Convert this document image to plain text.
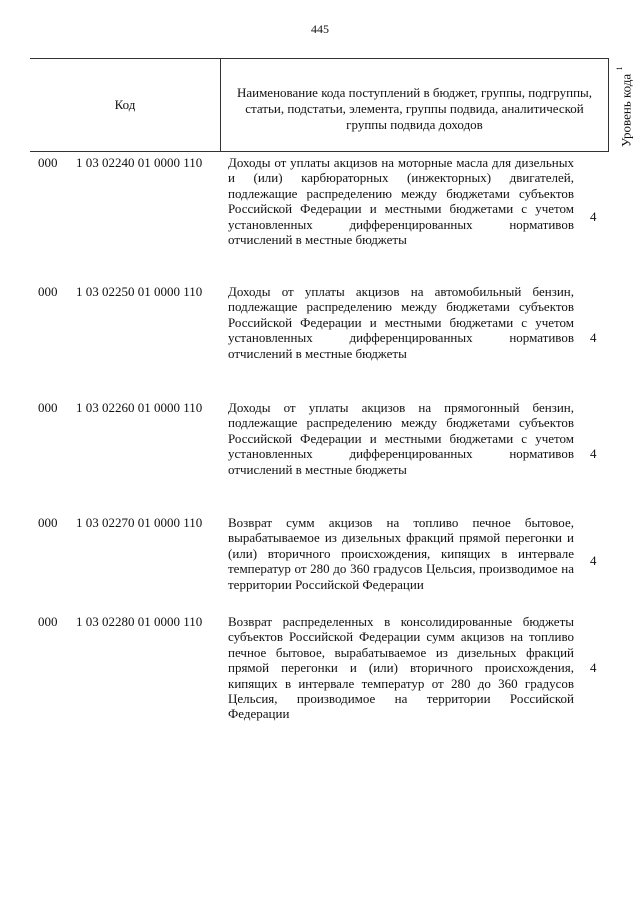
445
Код
Наименование кода поступлений в бюджет, группы, подгруппы, статьи, подстатьи, элемента, группы подвида, аналитической группы подвида доходов	Уровень кода $^1$
000 1 03 02240 01 0000 110 Доходы от уплаты акцизов на моторные масла для дизельных и (или) карбюраторных (инжекторных) двигателей, подлежащие распределению между бюджетами субъектов Российской Федерации и местными бюджетами с учетом установленных дифференцированных нормативов отчислений в местные бюджеты
4
000 1 03 02250 01 0000 110 Доходы от уплаты акцизов на автомобильный бензин, подлежащие распределению между бюджетами субъектов Российской Федерации и местными бюджетами с учетом установленных дифференцированных нормативов отчислений в местные бюджеты
4
000 1 03 02260 01 0000 110 Доходы от уплаты акцизов на прямогонный бензин, подлежащие распределению между бюджетами субъектов Российской Федерации и местными бюджетами с учетом установленных дифференцированных нормативов отчислений в местные бюджеты
4
000 1 03 02270 01 0000 110 Возврат сумм акцизов на топливо печное бытовое, вырабатываемое из дизельных фракций прямой перегонки и (или) вторичного происхождения, кипящих в интервале температур от 280 до 360 градусов Цельсия, производимое на территории Российской Федерации
4
000 1 03 02280 01 0000 110 Возврат распределенных в консолидированные бюджеты субъектов Российской Федерации сумм акцизов на топливо печное бытовое, вырабатываемое из дизельных фракций прямой перегонки и (или) вторичного происхождения, кипящих в интервале температур от 280 до 360 градусов Цельсия, производимое на территории Российской Федерации
4
